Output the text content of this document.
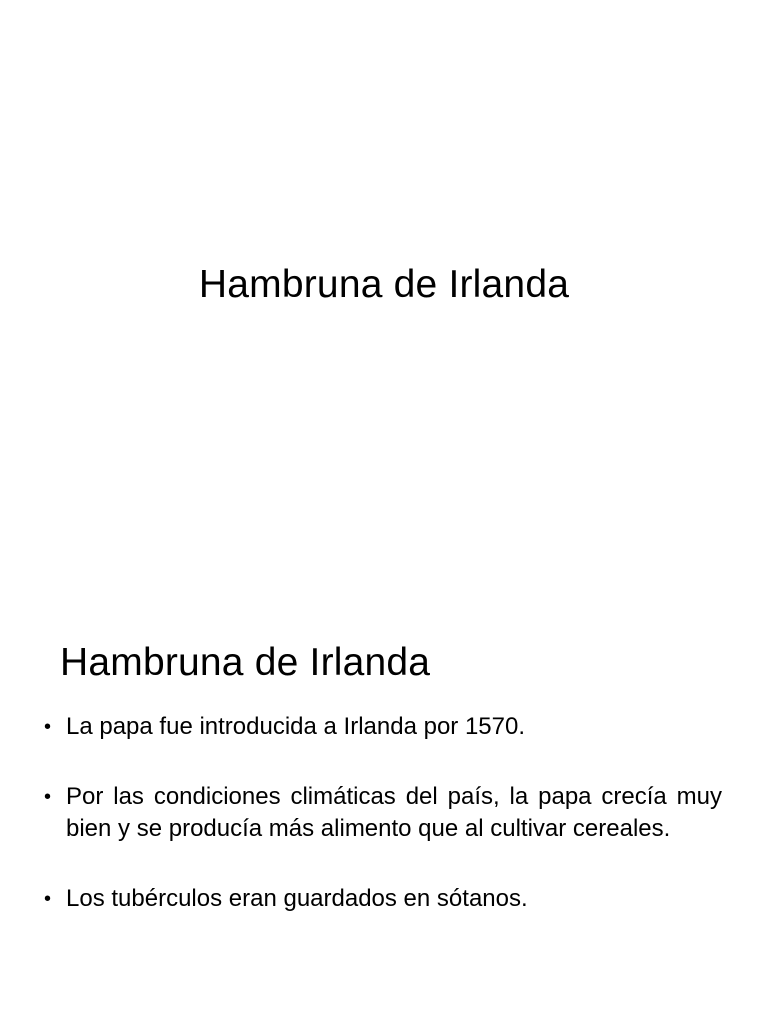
Hambruna de Irlanda
Hambruna de Irlanda
• La papa fue introducida a Irlanda por 1570.
• Por las condiciones climáticas del país, la papa crecía muy bien y se producía más alimento que al cultivar cereales.
• Los tubérculos eran guardados en sótanos.
